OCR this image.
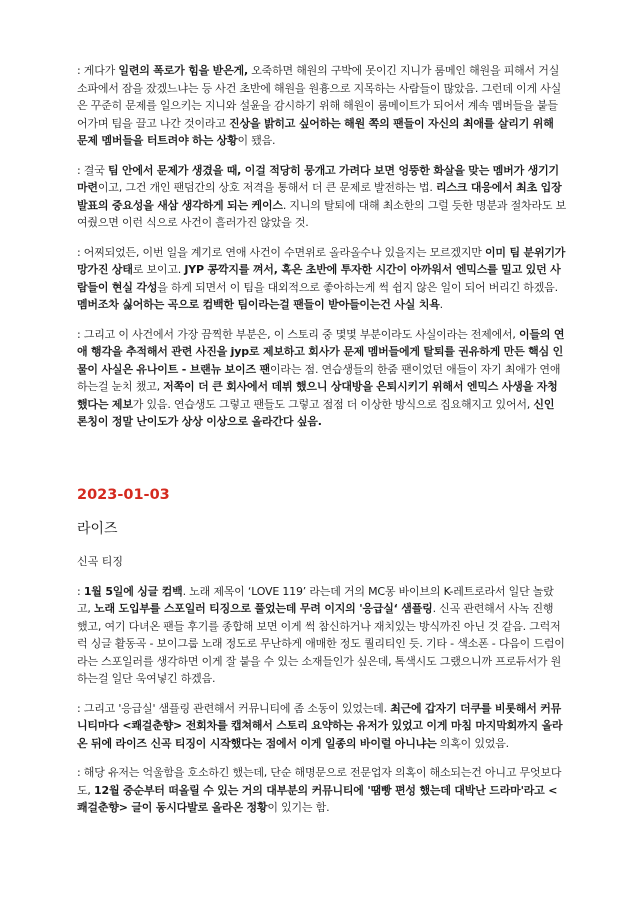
: 게다가 일련의 폭로가 힘을 받은게, 오죽하면 해원의 구박에 못이긴 지니가 룸메인 해원을 피해서 거실 소파에서 잠을 잤겠느냐는 등 사건 초반에 해원을 원흉으로 지목하는 사람들이 많았음. 그런데 이게 사실은 꾸준히 문제를 일으키는 지니와 설윤을 감시하기 위해 해원이 룸메이트가 되어서 계속 멤버들을 붙들어가며 팀을 끌고 나간 것이라고 진상을 밝히고 싶어하는 해원 쪽의 팬들이 자신의 최애를 살리기 위해 문제 멤버들을 터트려야 하는 상황이 됐음.

: 결국 팀 안에서 문제가 생겼을 때, 이걸 적당히 뭉개고 가려다 보면 엉뚱한 화살을 맞는 멤버가 생기기 마련이고, 그건 개인 팬덤간의 상호 저격을 통해서 더 큰 문제로 발전하는 법. 리스크 대응에서 최초 입장발표의 중요성을 새삼 생각하게 되는 케이스. 지니의 탈퇴에 대해 최소한의 그럴 듯한 명분과 절차라도 보여줬으면 이런 식으로 사건이 흘러가진 않았을 것.

: 어찌되었든, 이번 일을 계기로 연애 사건이 수면위로 올라올수나 있을지는 모르겠지만 이미 팀 분위기가 망가진 상태로 보이고. JYP 콩깍지를 껴서, 혹은 초반에 투자한 시간이 아까워서 엔믹스를 밀고 있던 사람들이 현실 각성을 하게 되면서 이 팀을 대외적으로 좋아하는게 썩 쉽지 않은 일이 되어 버리긴 하겠음. 멤버조차 싫어하는 곡으로 컴백한 팀이라는걸 팬들이 받아들이는건 사실 치욕.

: 그리고 이 사건에서 가장 끔찍한 부분은, 이 스토리 중 몇몇 부분이라도 사실이라는 전제에서, 이들의 연애 행각을 추적해서 관련 사진을 jyp로 제보하고 회사가 문제 멤버들에게 탈퇴를 권유하게 만든 핵심 인물이 사실은 유나이트 - 브랜뉴 보이즈 팬이라는 점. 연습생들의 한줌 팬이었던 애들이 자기 최애가 연애하는걸 눈치 챘고, 저쪽이 더 큰 회사에서 데뷔 했으니 상대방을 은퇴시키기 위해서 엔믹스 사생을 자청했다는 제보가 있음. 연습생도 그렇고 팬들도 그렇고 점점 더 이상한 방식으로 집요해지고 있어서, 신인 론칭이 정말 난이도가 상상 이상으로 올라간다 싶음.

2023-01-03
라이즈
신곡 티징

: 1월 5일에 싱글 컴백. 노래 제목이 ‘LOVE 119’ 라는데 거의 MC몽 바이브의 K-레트로라서 일단 놀랐고, 노래 도입부를 스포일러 티징으로 풀었는데 무려 이지의 '응급실‘ 샘플링. 신곡 관련해서 사녹 진행 했고, 여기 다녀온 팬들 후기를 종합해 보면 이게 썩 참신하거나 재치있는 방식까진 아닌 것 같음. 그럭저럭 싱글 활동곡 - 보이그룹 노래 정도로 무난하게 애매한 정도 퀄리티인 듯. 기타 - 색소폰 - 다음이 드럼이라는 스포일러를 생각하면 이게 잘 붙을 수 있는 소재들인가 싶은데, 톡색시도 그랬으니까 프로듀서가 원하는걸 일단 욱여넣긴 하겠음.

: 그리고 '응급실' 샘플링 관련해서 커뮤니티에 좀 소동이 있었는데. 최근에 갑자기 더쿠를 비롯해서 커뮤니티마다 <쾌걸춘향> 전회차를 캡쳐해서 스토리 요약하는 유저가 있었고 이게 마침 마지막회까지 올라온 뒤에 라이즈 신곡 티징이 시작했다는 점에서 이게 일종의 바이럴 아니냐는 의혹이 있었음.

: 해당 유저는 억울함을 호소하긴 했는데, 단순 해명문으로 전문업자 의혹이 해소되는건 아니고 무엇보다도, 12월 중순부터 떠올릴 수 있는 거의 대부분의 커뮤니티에 '땜빵 편성 했는데 대박난 드라마'라고 <쾌걸춘향> 글이 동시다발로 올라온 정황이 있기는 함.
